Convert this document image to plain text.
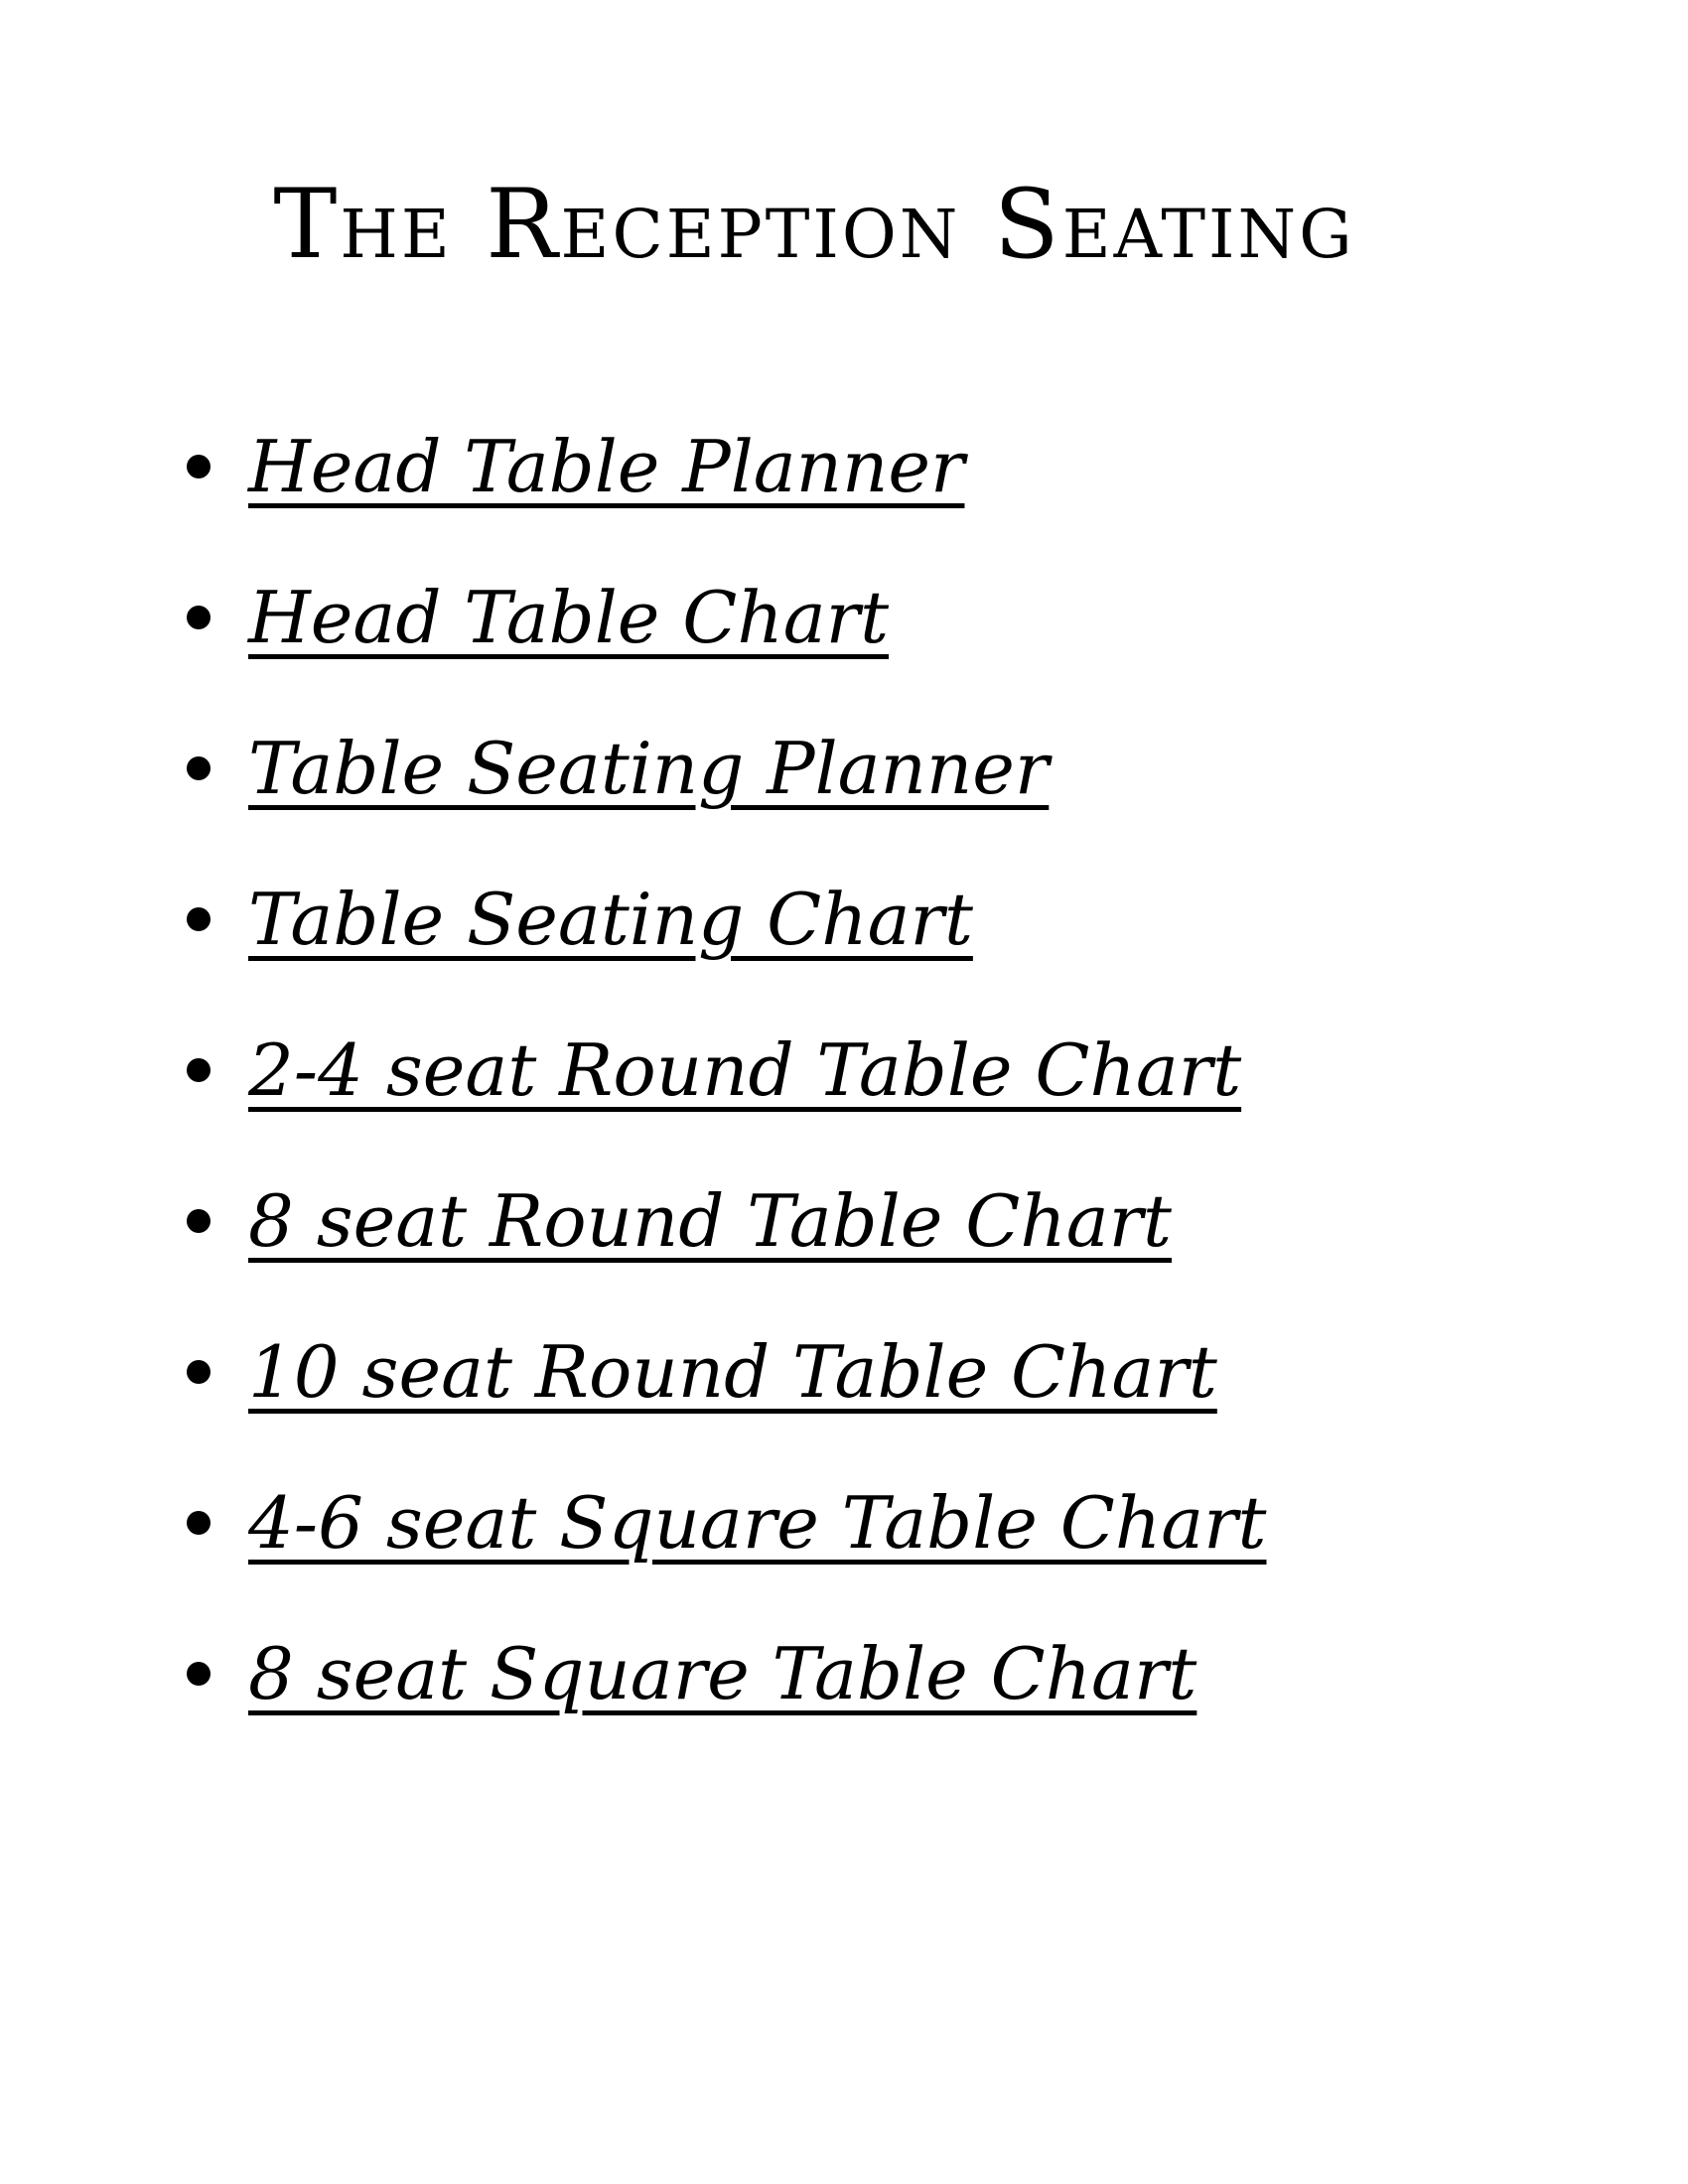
The Reception Seating
Head Table Planner
Head Table Chart
Table Seating Planner
Table Seating Chart
2-4 seat Round Table Chart
8 seat Round Table Chart
10 seat Round Table Chart
4-6 seat Square Table Chart
8 seat Square Table Chart
